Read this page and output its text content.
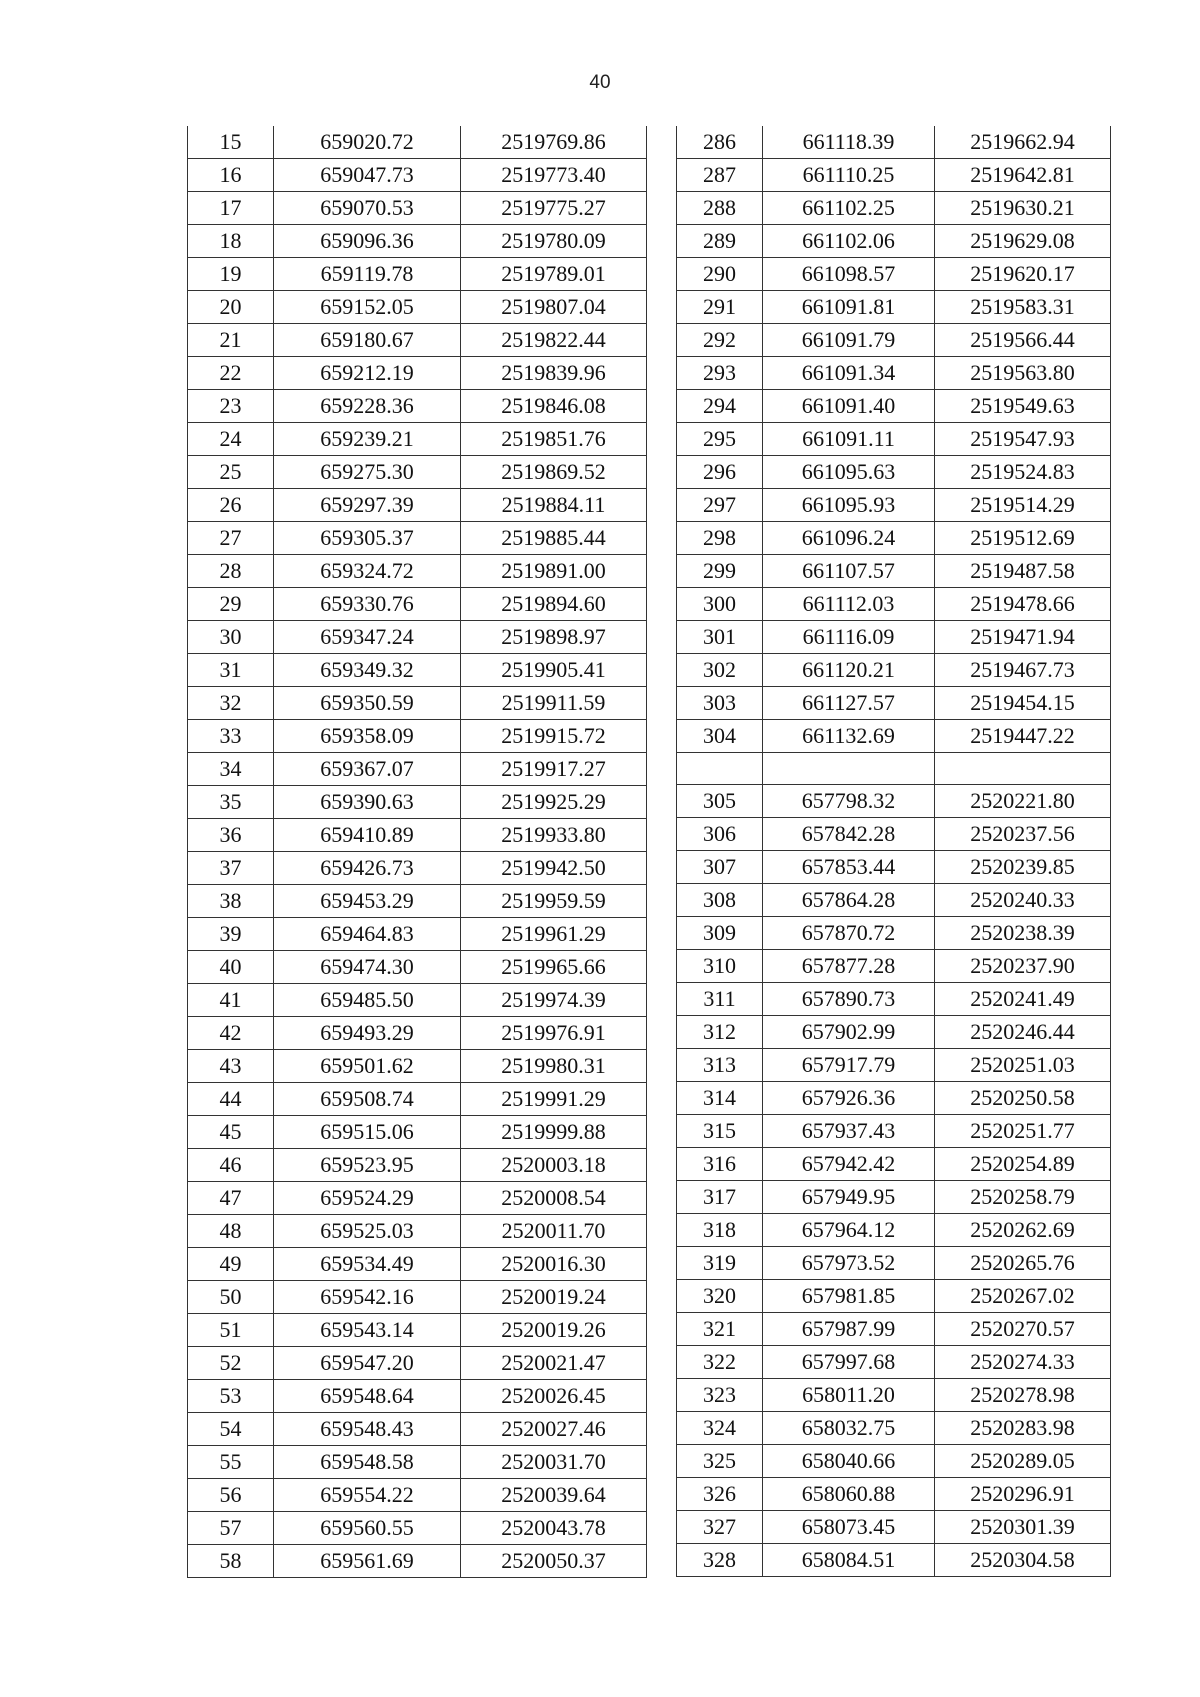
40
15	659020.72	2519769.86
16	659047.73	2519773.40
17	659070.53	2519775.27
18	659096.36	2519780.09
19	659119.78	2519789.01
20	659152.05	2519807.04
21	659180.67	2519822.44
22	659212.19	2519839.96
23	659228.36	2519846.08
24	659239.21	2519851.76
25	659275.30	2519869.52
26	659297.39	2519884.11
27	659305.37	2519885.44
28	659324.72	2519891.00
29	659330.76	2519894.60
30	659347.24	2519898.97
31	659349.32	2519905.41
32	659350.59	2519911.59
33	659358.09	2519915.72
34	659367.07	2519917.27
35	659390.63	2519925.29
36	659410.89	2519933.80
37	659426.73	2519942.50
38	659453.29	2519959.59
39	659464.83	2519961.29
40	659474.30	2519965.66
41	659485.50	2519974.39
42	659493.29	2519976.91
43	659501.62	2519980.31
44	659508.74	2519991.29
45	659515.06	2519999.88
46	659523.95	2520003.18
47	659524.29	2520008.54
48	659525.03	2520011.70
49	659534.49	2520016.30
50	659542.16	2520019.24
51	659543.14	2520019.26
52	659547.20	2520021.47
53	659548.64	2520026.45
54	659548.43	2520027.46
55	659548.58	2520031.70
56	659554.22	2520039.64
57	659560.55	2520043.78
58	659561.69	2520050.37
286	661118.39	2519662.94
287	661110.25	2519642.81
288	661102.25	2519630.21
289	661102.06	2519629.08
290	661098.57	2519620.17
291	661091.81	2519583.31
292	661091.79	2519566.44
293	661091.34	2519563.80
294	661091.40	2519549.63
295	661091.11	2519547.93
296	661095.63	2519524.83
297	661095.93	2519514.29
298	661096.24	2519512.69
299	661107.57	2519487.58
300	661112.03	2519478.66
301	661116.09	2519471.94
302	661120.21	2519467.73
303	661127.57	2519454.15
304	661132.69	2519447.22

305	657798.32	2520221.80
306	657842.28	2520237.56
307	657853.44	2520239.85
308	657864.28	2520240.33
309	657870.72	2520238.39
310	657877.28	2520237.90
311	657890.73	2520241.49
312	657902.99	2520246.44
313	657917.79	2520251.03
314	657926.36	2520250.58
315	657937.43	2520251.77
316	657942.42	2520254.89
317	657949.95	2520258.79
318	657964.12	2520262.69
319	657973.52	2520265.76
320	657981.85	2520267.02
321	657987.99	2520270.57
322	657997.68	2520274.33
323	658011.20	2520278.98
324	658032.75	2520283.98
325	658040.66	2520289.05
326	658060.88	2520296.91
327	658073.45	2520301.39
328	658084.51	2520304.58
